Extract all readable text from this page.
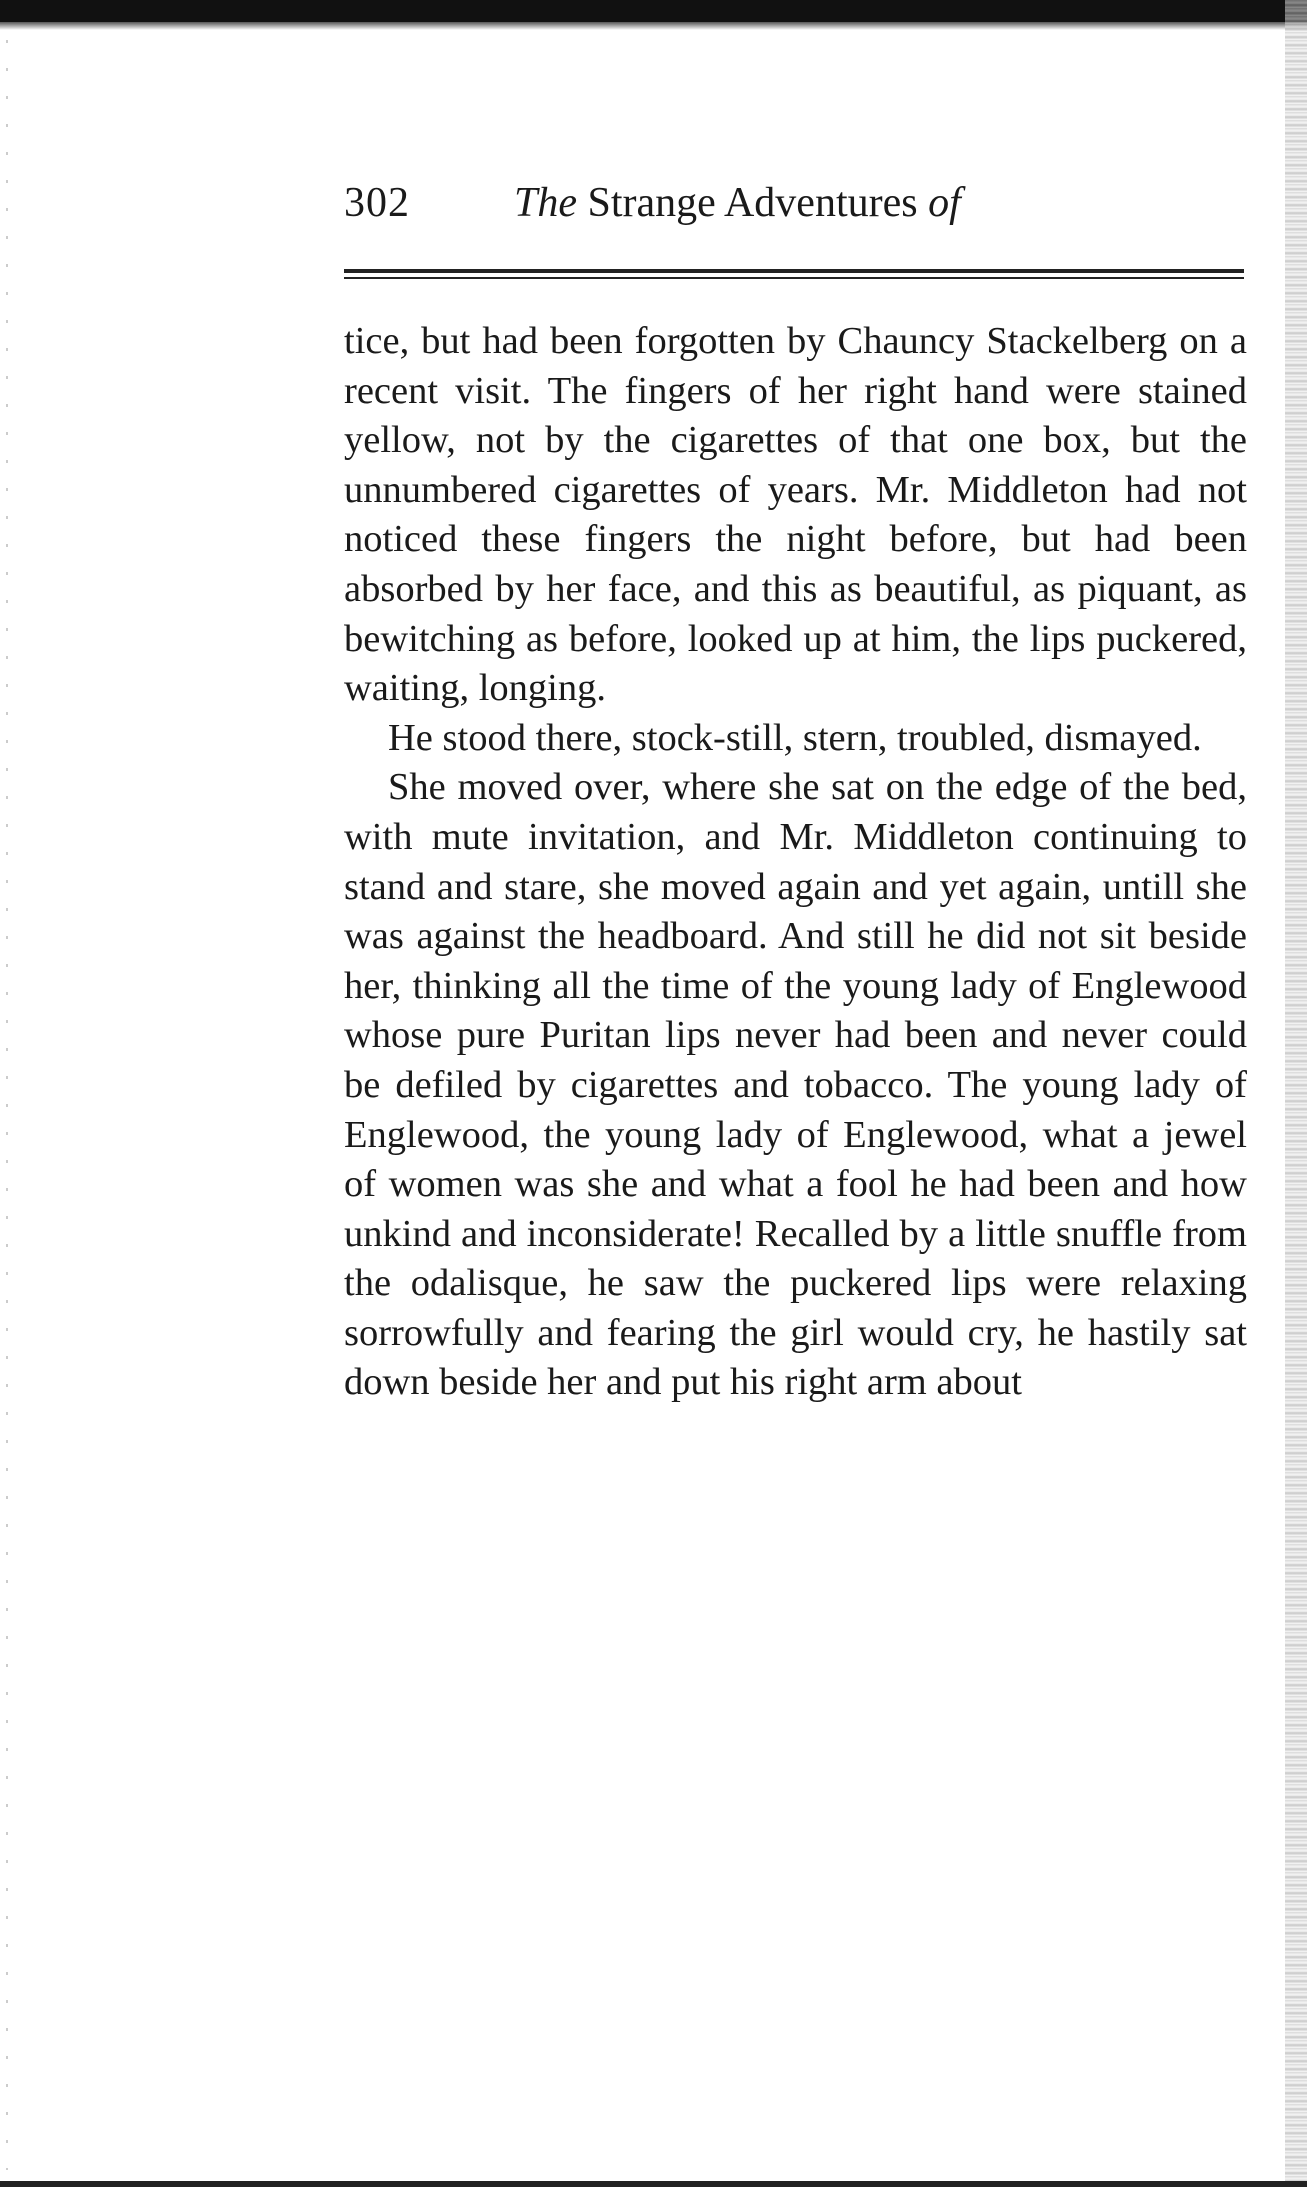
302 The Strange Adventures of

tice, but had been forgotten by Chauncy Stackelberg on a recent visit. The fingers of her right hand were stained yellow, not by the cigarettes of that one box, but the unnumbered cigarettes of years. Mr. Middleton had not noticed these fingers the night before, but had been absorbed by her face, and this as beautiful, as piquant, as bewitching as before, looked up at him, the lips puckered, waiting, longing.

He stood there, stock-still, stern, troubled, dismayed.

She moved over, where she sat on the edge of the bed, with mute invitation, and Mr. Middleton continuing to stand and stare, she moved again and yet again, untill she was against the headboard. And still he did not sit beside her, thinking all the time of the young lady of Englewood whose pure Puritan lips never had been and never could be defiled by cigarettes and tobacco. The young lady of Englewood, the young lady of Englewood, what a jewel of women was she and what a fool he had been and how unkind and inconsiderate! Recalled by a little snuffle from the odalisque, he saw the puckered lips were relaxing sorrowfully and fearing the girl would cry, he hastily sat down beside her and put his right arm about
